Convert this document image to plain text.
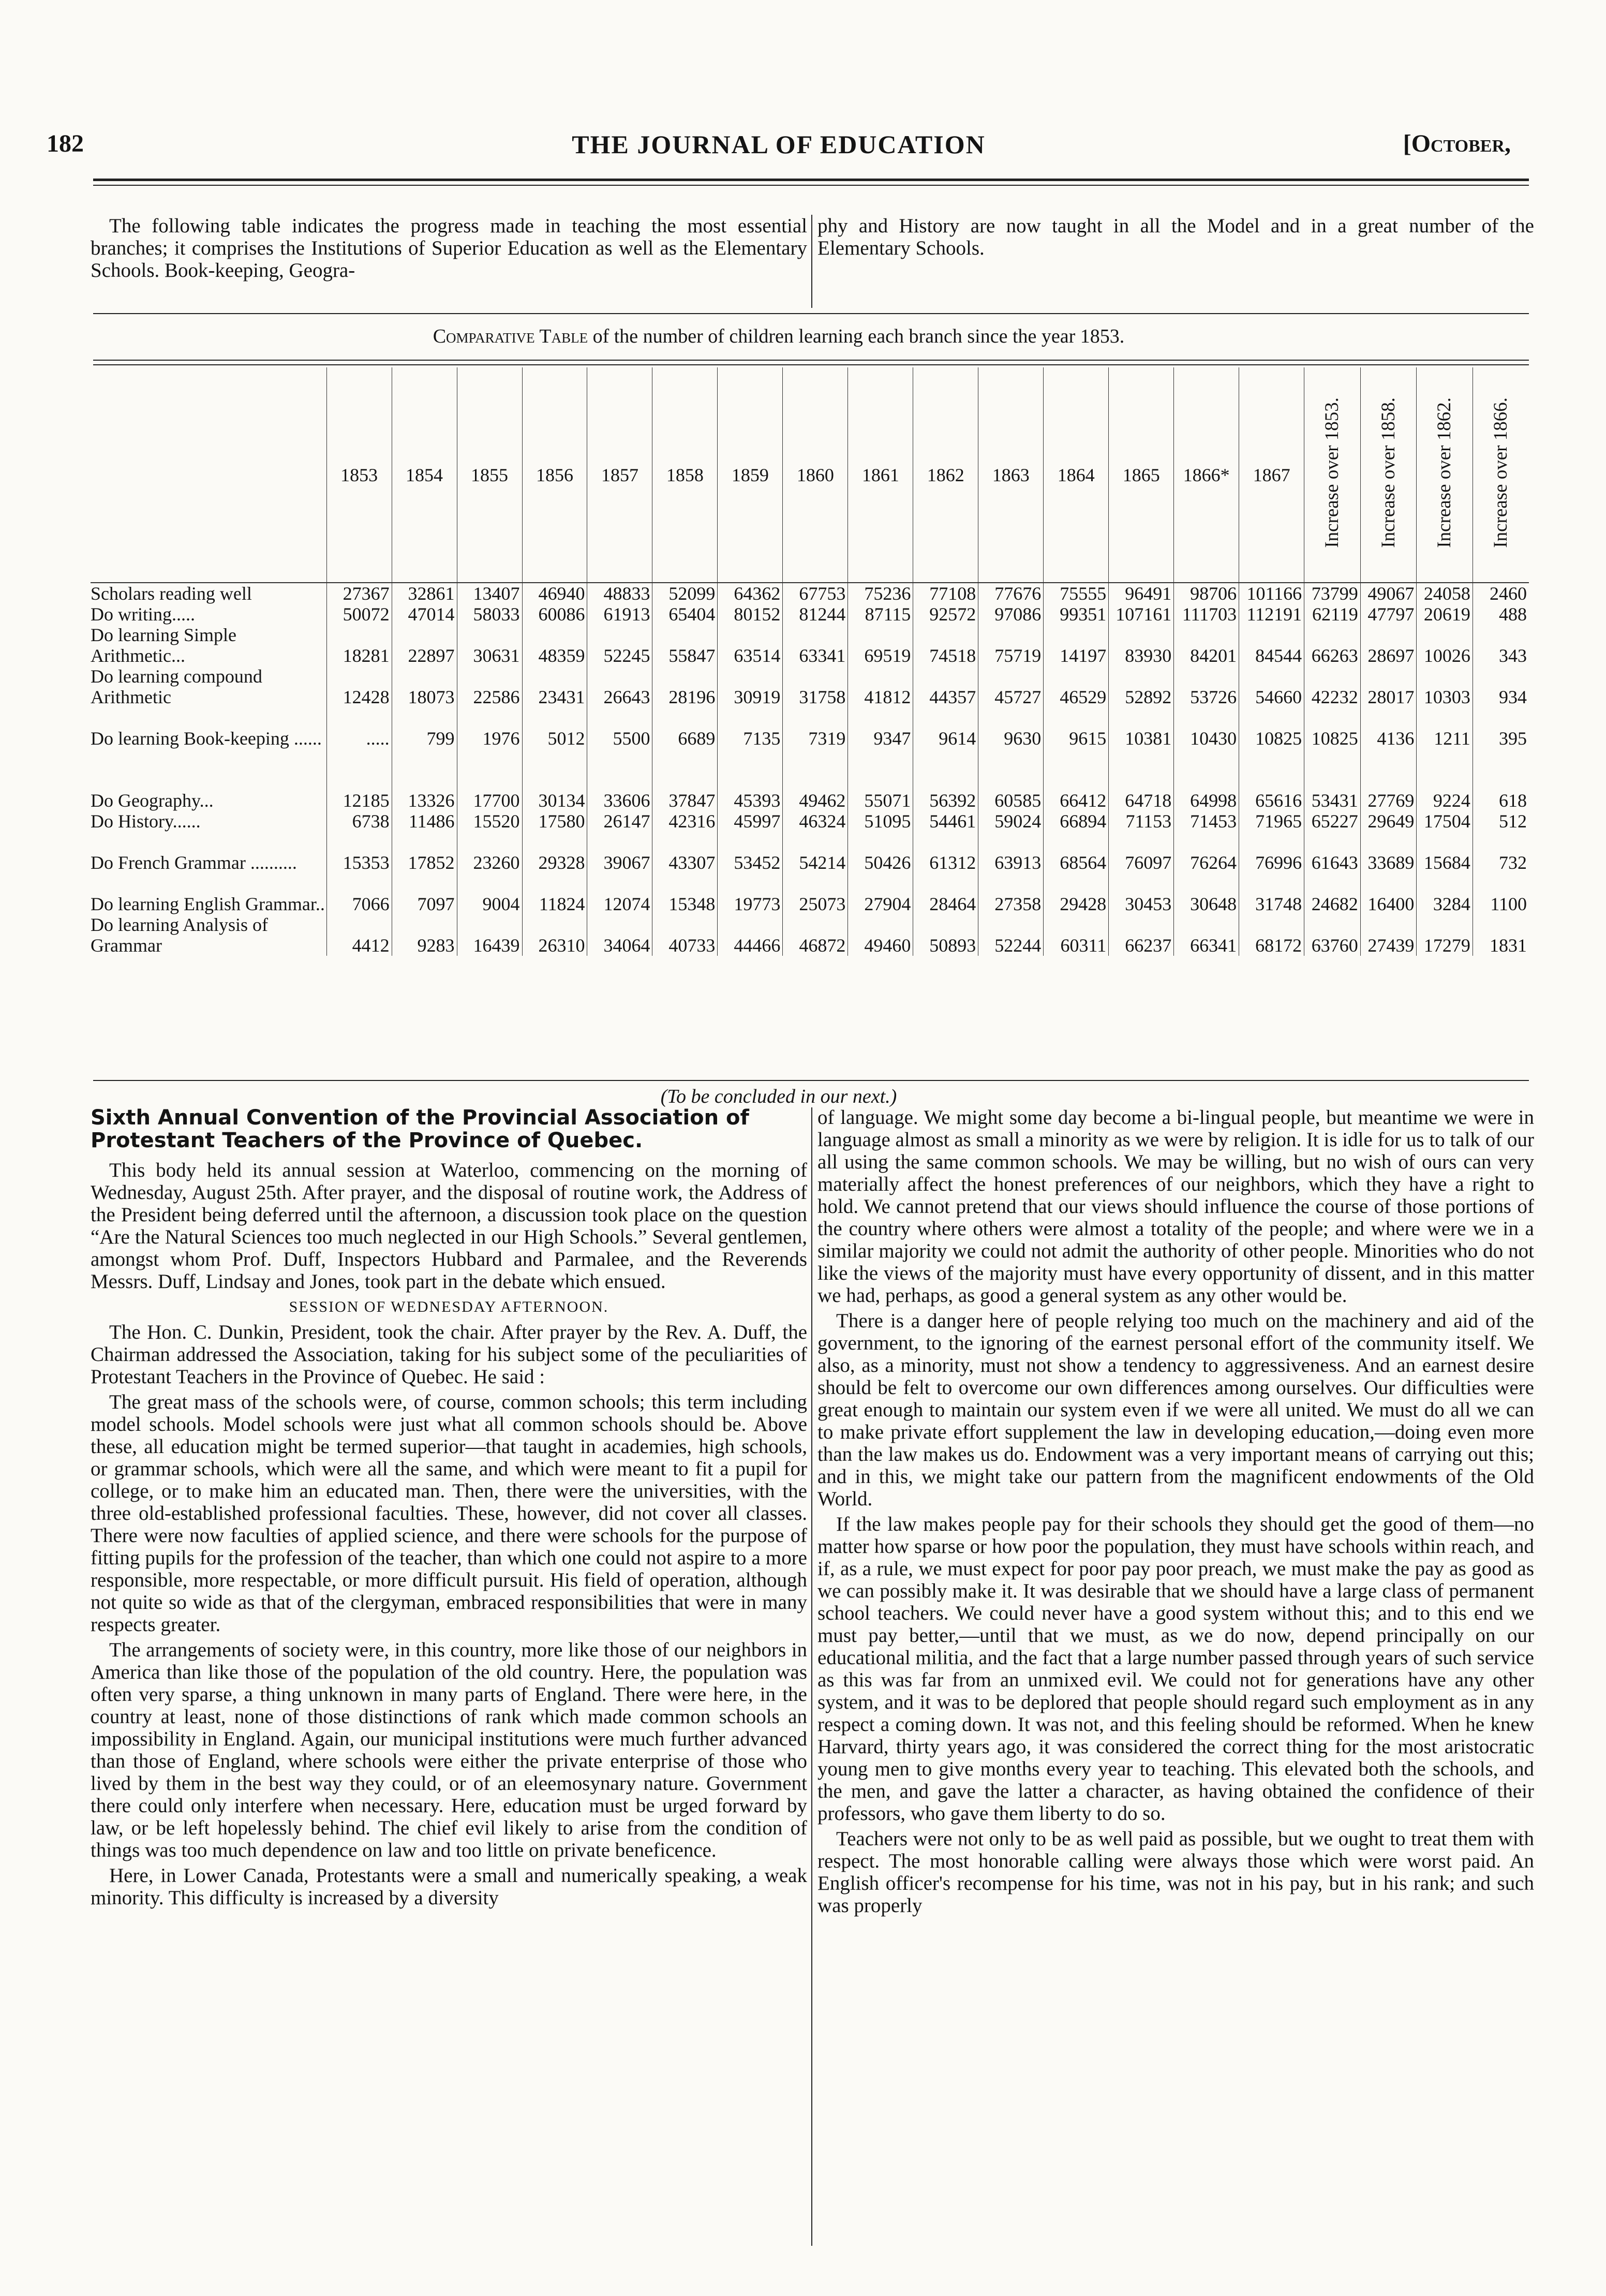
182	THE JOURNAL OF EDUCATION	[October,

The following table indicates the progress made in teaching the most essential branches; it comprises the Institutions of Superior Education as well as the Elementary Schools. Book-keeping, Geogra-

phy and History are now taught in all the Model and in a great number of the Elementary Schools.

Comparative Table of the number of children learning each branch since the year 1853.
	1853	1854	1855	1856	1857	1858	1859	1860	1861	1862	1863	1864	1865	1866*	1867	Increase over 1853.	Increase over 1858.	Increase over 1862.	Increase over 1866.
Scholars reading well	27367	32861	13407	46940	48833	52099	64362	67753	75236	77108	77676	75555	96491	98706	101166	73799	49067	24058	2460
Do writing.....	50072	47014	58033	60086	61913	65404	80152	81244	87115	92572	97086	99351	107161	111703	112191	62119	47797	20619	488
Do learning Simple Arithmetic...	18281	22897	30631	48359	52245	55847	63514	63341	69519	74518	75719	14197	83930	84201	84544	66263	28697	10026	343
Do learning compound Arithmetic	12428	18073	22586	23431	26643	28196	30919	31758	41812	44357	45727	46529	52892	53726	54660	42232	28017	10303	934
Do learning Book-keeping ......	.....	799	1976	5012	5500	6689	7135	7319	9347	9614	9630	9615	10381	10430	10825	10825	4136	1211	395
Do Geography...	12185	13326	17700	30134	33606	37847	45393	49462	55071	56392	60585	66412	64718	64998	65616	53431	27769	9224	618
Do History......	6738	11486	15520	17580	26147	42316	45997	46324	51095	54461	59024	66894	71153	71453	71965	65227	29649	17504	512
Do French Grammar ..........	15353	17852	23260	29328	39067	43307	53452	54214	50426	61312	63913	68564	76097	76264	76996	61643	33689	15684	732
Do learning English Grammar..	7066	7097	9004	11824	12074	15348	19773	25073	27904	28464	27358	29428	30453	30648	31748	24682	16400	3284	1100
Do learning Analysis of Grammar	4412	9283	16439	26310	34064	40733	44466	46872	49460	50893	52244	60311	66237	66341	68172	63760	27439	17279	1831
(To be concluded in our next.)
Sixth Annual Convention of the Provincial Association of Protestant Teachers of the Province of Quebec.

This body held its annual session at Waterloo, commencing on the morning of Wednesday, August 25th. After prayer, and the disposal of routine work, the Address of the President being deferred until the afternoon, a discussion took place on the question “Are the Natural Sciences too much neglected in our High Schools.” Several gentlemen, amongst whom Prof. Duff, Inspectors Hubbard and Parmalee, and the Reverends Messrs. Duff, Lindsay and Jones, took part in the debate which ensued.

SESSION OF WEDNESDAY AFTERNOON.

The Hon. C. Dunkin, President, took the chair. After prayer by the Rev. A. Duff, the Chairman addressed the Association, taking for his subject some of the peculiarities of Protestant Teachers in the Province of Quebec. He said :

The great mass of the schools were, of course, common schools; this term including model schools. Model schools were just what all common schools should be. Above these, all education might be termed superior—that taught in academies, high schools, or grammar schools, which were all the same, and which were meant to fit a pupil for college, or to make him an educated man. Then, there were the universities, with the three old-established professional faculties. These, however, did not cover all classes. There were now faculties of applied science, and there were schools for the purpose of fitting pupils for the profession of the teacher, than which one could not aspire to a more responsible, more respectable, or more difficult pursuit. His field of operation, although not quite so wide as that of the clergyman, embraced responsibilities that were in many respects greater.

The arrangements of society were, in this country, more like those of our neighbors in America than like those of the population of the old country. Here, the population was often very sparse, a thing unknown in many parts of England. There were here, in the country at least, none of those distinctions of rank which made common schools an impossibility in England. Again, our municipal institutions were much further advanced than those of England, where schools were either the private enterprise of those who lived by them in the best way they could, or of an eleemosynary nature. Government there could only interfere when necessary. Here, education must be urged forward by law, or be left hopelessly behind. The chief evil likely to arise from the condition of things was too much dependence on law and too little on private beneficence.

Here, in Lower Canada, Protestants were a small and numerically speaking, a weak minority. This difficulty is increased by a diversity

of language. We might some day become a bi-lingual people, but meantime we were in language almost as small a minority as we were by religion. It is idle for us to talk of our all using the same common schools. We may be willing, but no wish of ours can very materially affect the honest preferences of our neighbors, which they have a right to hold. We cannot pretend that our views should influence the course of those portions of the country where others were almost a totality of the people; and where were we in a similar majority we could not admit the authority of other people. Minorities who do not like the views of the majority must have every opportunity of dissent, and in this matter we had, perhaps, as good a general system as any other would be.

There is a danger here of people relying too much on the machinery and aid of the government, to the ignoring of the earnest personal effort of the community itself. We also, as a minority, must not show a tendency to aggressiveness. And an earnest desire should be felt to overcome our own differences among ourselves. Our difficulties were great enough to maintain our system even if we were all united. We must do all we can to make private effort supplement the law in developing education,—doing even more than the law makes us do. Endowment was a very important means of carrying out this; and in this, we might take our pattern from the magnificent endowments of the Old World.

If the law makes people pay for their schools they should get the good of them—no matter how sparse or how poor the population, they must have schools within reach, and if, as a rule, we must expect for poor pay poor preach, we must make the pay as good as we can possibly make it. It was desirable that we should have a large class of permanent school teachers. We could never have a good system without this; and to this end we must pay better,—until that we must, as we do now, depend principally on our educational militia, and the fact that a large number passed through years of such service as this was far from an unmixed evil. We could not for generations have any other system, and it was to be deplored that people should regard such employment as in any respect a coming down. It was not, and this feeling should be reformed. When he knew Harvard, thirty years ago, it was considered the correct thing for the most aristocratic young men to give months every year to teaching. This elevated both the schools, and the men, and gave the latter a character, as having obtained the confidence of their professors, who gave them liberty to do so.

Teachers were not only to be as well paid as possible, but we ought to treat them with respect. The most honorable calling were always those which were worst paid. An English officer's recompense for his time, was not in his pay, but in his rank; and such was properly
